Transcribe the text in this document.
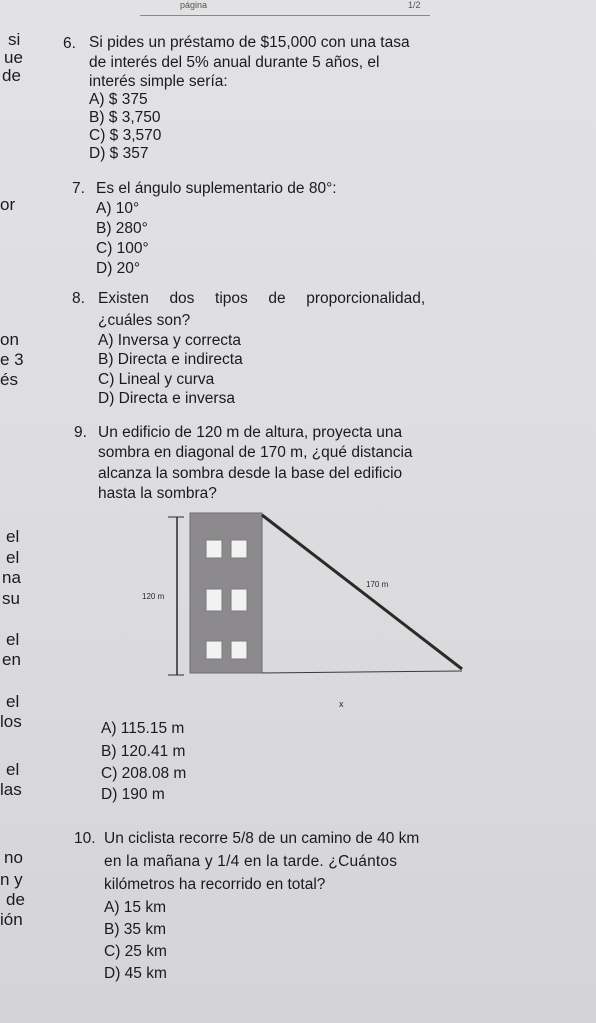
página	1/2
si
ue
de
or
on
e 3
és
el
el
na
su
el
en
el
los
el
las
no
n y
de
ión
6. Si pides un préstamo de $15,000 con una tasa
de interés del 5% anual durante 5 años, el
interés simple sería:
A) $ 375
B) $ 3,750
C) $ 3,570
D) $ 357
7. Es el ángulo suplementario de 80°:
A) 10°
B) 280°
C) 100°
D) 20°
8. Existen  dos  tipos  de  proporcionalidad,
¿cuáles son?
A) Inversa y correcta
B) Directa e indirecta
C) Lineal y curva
D) Directa e inversa
9. Un edificio de 120 m de altura, proyecta una
sombra en diagonal de 170 m, ¿qué distancia
alcanza la sombra desde la base del edificio
hasta la sombra?
120 m
170 m
x
A) 115.15 m
B) 120.41 m
C) 208.08 m
D) 190 m
10. Un ciclista recorre 5/8 de un camino de 40 km
en la mañana y 1/4 en la tarde. ¿Cuántos
kilómetros ha recorrido en total?
A) 15 km
B) 35 km
C) 25 km
D) 45 km
